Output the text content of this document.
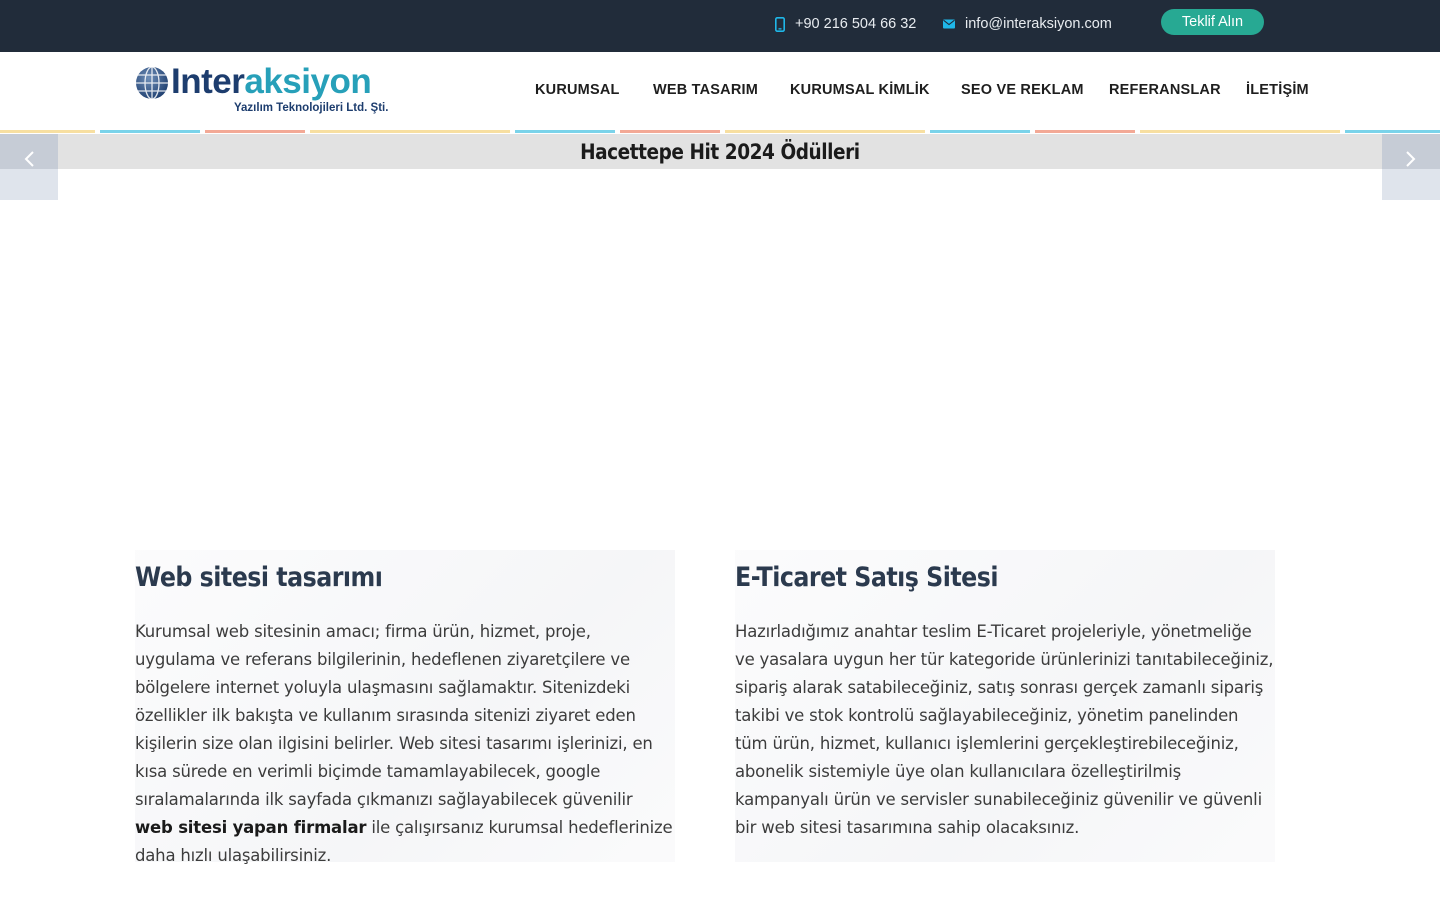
+90 216 504 66 32	info@interaksiyon.com	Teklif Alın
Interaksiyon
Yazılım Teknolojileri Ltd. Şti.
KURUMSAL WEB TASARIM KURUMSAL KİMLİK SEO VE REKLAM REFERANSLAR İLETİŞİM
Hacettepe Hit 2024 Ödülleri
Web sitesi tasarımı

Kurumsal web sitesinin amacı; firma ürün, hizmet, proje, uygulama ve referans bilgilerinin, hedeflenen ziyaretçilere ve bölgelere internet yoluyla ulaşmasını sağlamaktır. Sitenizdeki özellikler ilk bakışta ve kullanım sırasında sitenizi ziyaret eden kişilerin size olan ilgisini belirler. Web sitesi tasarımı işlerinizi, en kısa sürede en verimli biçimde tamamlayabilecek, google sıralamalarında ilk sayfada çıkmanızı sağlayabilecek güvenilir web sitesi yapan firmalar ile çalışırsanız kurumsal hedeflerinize daha hızlı ulaşabilirsiniz.

E-Ticaret Satış Sitesi

Hazırladığımız anahtar teslim E-Ticaret projeleriyle, yönetmeliğe ve yasalara uygun her tür kategoride ürünlerinizi tanıtabileceğiniz, sipariş alarak satabileceğiniz, satış sonrası gerçek zamanlı sipariş takibi ve stok kontrolü sağlayabileceğiniz, yönetim panelinden tüm ürün, hizmet, kullanıcı işlemlerini gerçekleştirebileceğiniz, abonelik sistemiyle üye olan kullanıcılara özelleştirilmiş kampanyalı ürün ve servisler sunabileceğiniz güvenilir ve güvenli bir web sitesi tasarımına sahip olacaksınız.
